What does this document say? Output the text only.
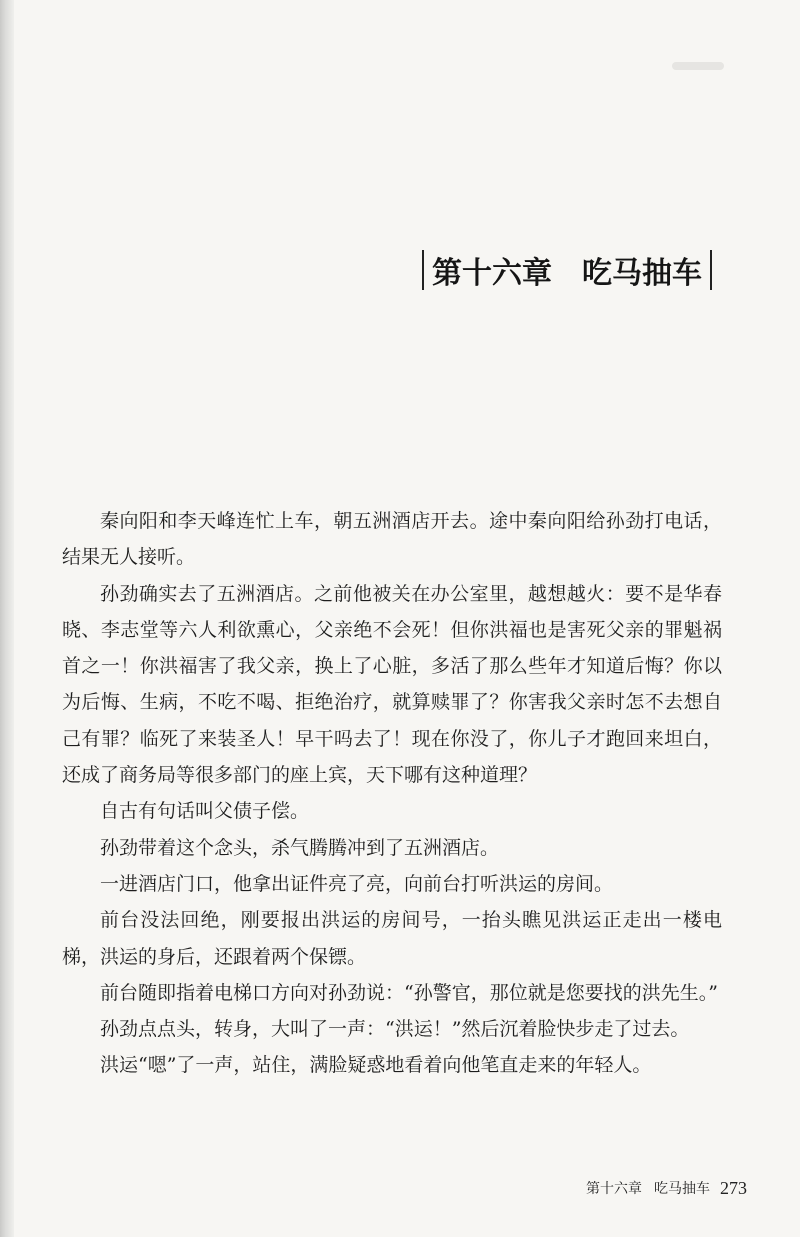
第十六章 吃马抽车

秦向阳和李天峰连忙上车，朝五洲酒店开去。途中秦向阳给孙劲打电话，结果无人接听。

孙劲确实去了五洲酒店。之前他被关在办公室里，越想越火：要不是华春晓、李志堂等六人利欲熏心，父亲绝不会死！但你洪福也是害死父亲的罪魁祸首之一！你洪福害了我父亲，换上了心脏，多活了那么些年才知道后悔？你以为后悔、生病，不吃不喝、拒绝治疗，就算赎罪了？你害我父亲时怎不去想自己有罪？临死了来装圣人！早干吗去了！现在你没了，你儿子才跑回来坦白，还成了商务局等很多部门的座上宾，天下哪有这种道理？

自古有句话叫父债子偿。

孙劲带着这个念头，杀气腾腾冲到了五洲酒店。

一进酒店门口，他拿出证件亮了亮，向前台打听洪运的房间。

前台没法回绝，刚要报出洪运的房间号，一抬头瞧见洪运正走出一楼电梯，洪运的身后，还跟着两个保镖。

前台随即指着电梯口方向对孙劲说：“孙警官，那位就是您要找的洪先生。”

孙劲点点头，转身，大叫了一声：“洪运！”然后沉着脸快步走了过去。

洪运“嗯”了一声，站住，满脸疑惑地看着向他笔直走来的年轻人。

第十六章 吃马抽车 273
